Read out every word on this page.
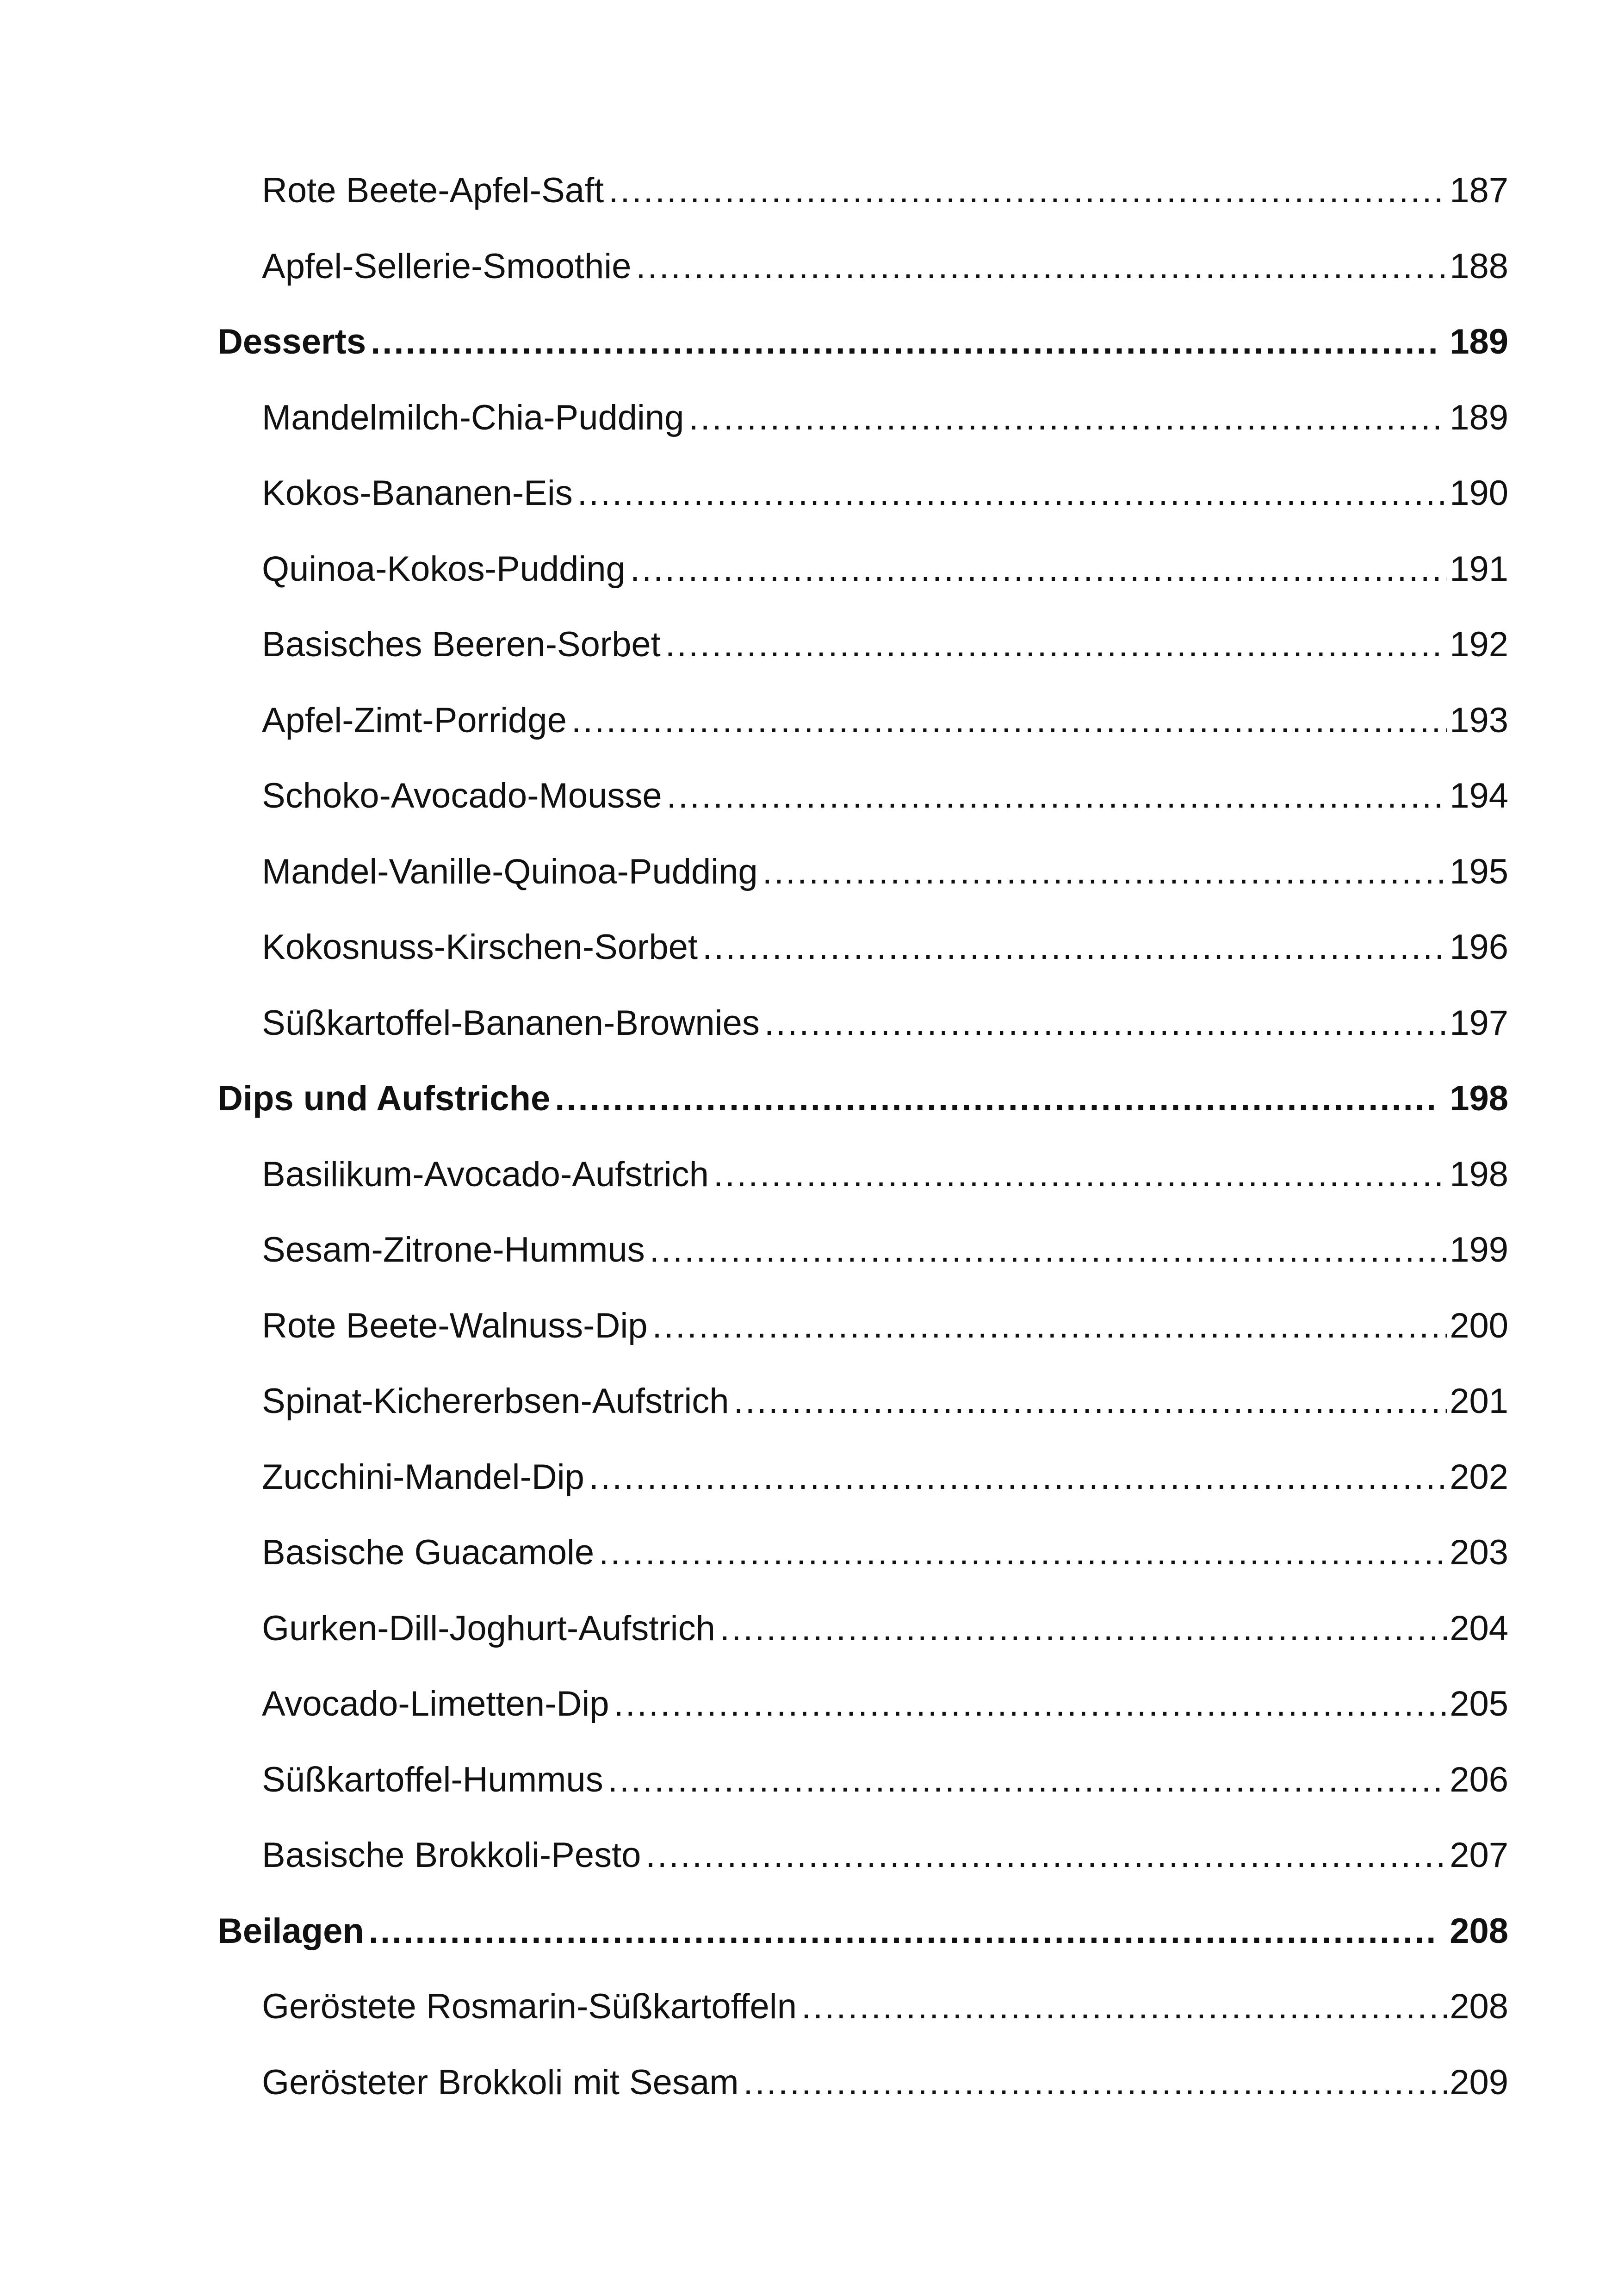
Rote Beete-Apfel-Saft .....	187
Apfel-Sellerie-Smoothie .....	188
Desserts .....	189
Mandelmilch-Chia-Pudding .....	189
Kokos-Bananen-Eis .....	190
Quinoa-Kokos-Pudding .....	191
Basisches Beeren-Sorbet .....	192
Apfel-Zimt-Porridge .....	193
Schoko-Avocado-Mousse .....	194
Mandel-Vanille-Quinoa-Pudding .....	195
Kokosnuss-Kirschen-Sorbet .....	196
Süßkartoffel-Bananen-Brownies .....	197
Dips und Aufstriche .....	198
Basilikum-Avocado-Aufstrich .....	198
Sesam-Zitrone-Hummus .....	199
Rote Beete-Walnuss-Dip .....	200
Spinat-Kichererbsen-Aufstrich .....	201
Zucchini-Mandel-Dip .....	202
Basische Guacamole .....	203
Gurken-Dill-Joghurt-Aufstrich .....	204
Avocado-Limetten-Dip .....	205
Süßkartoffel-Hummus .....	206
Basische Brokkoli-Pesto .....	207
Beilagen .....	208
Geröstete Rosmarin-Süßkartoffeln .....	208
Gerösteter Brokkoli mit Sesam .....	209
